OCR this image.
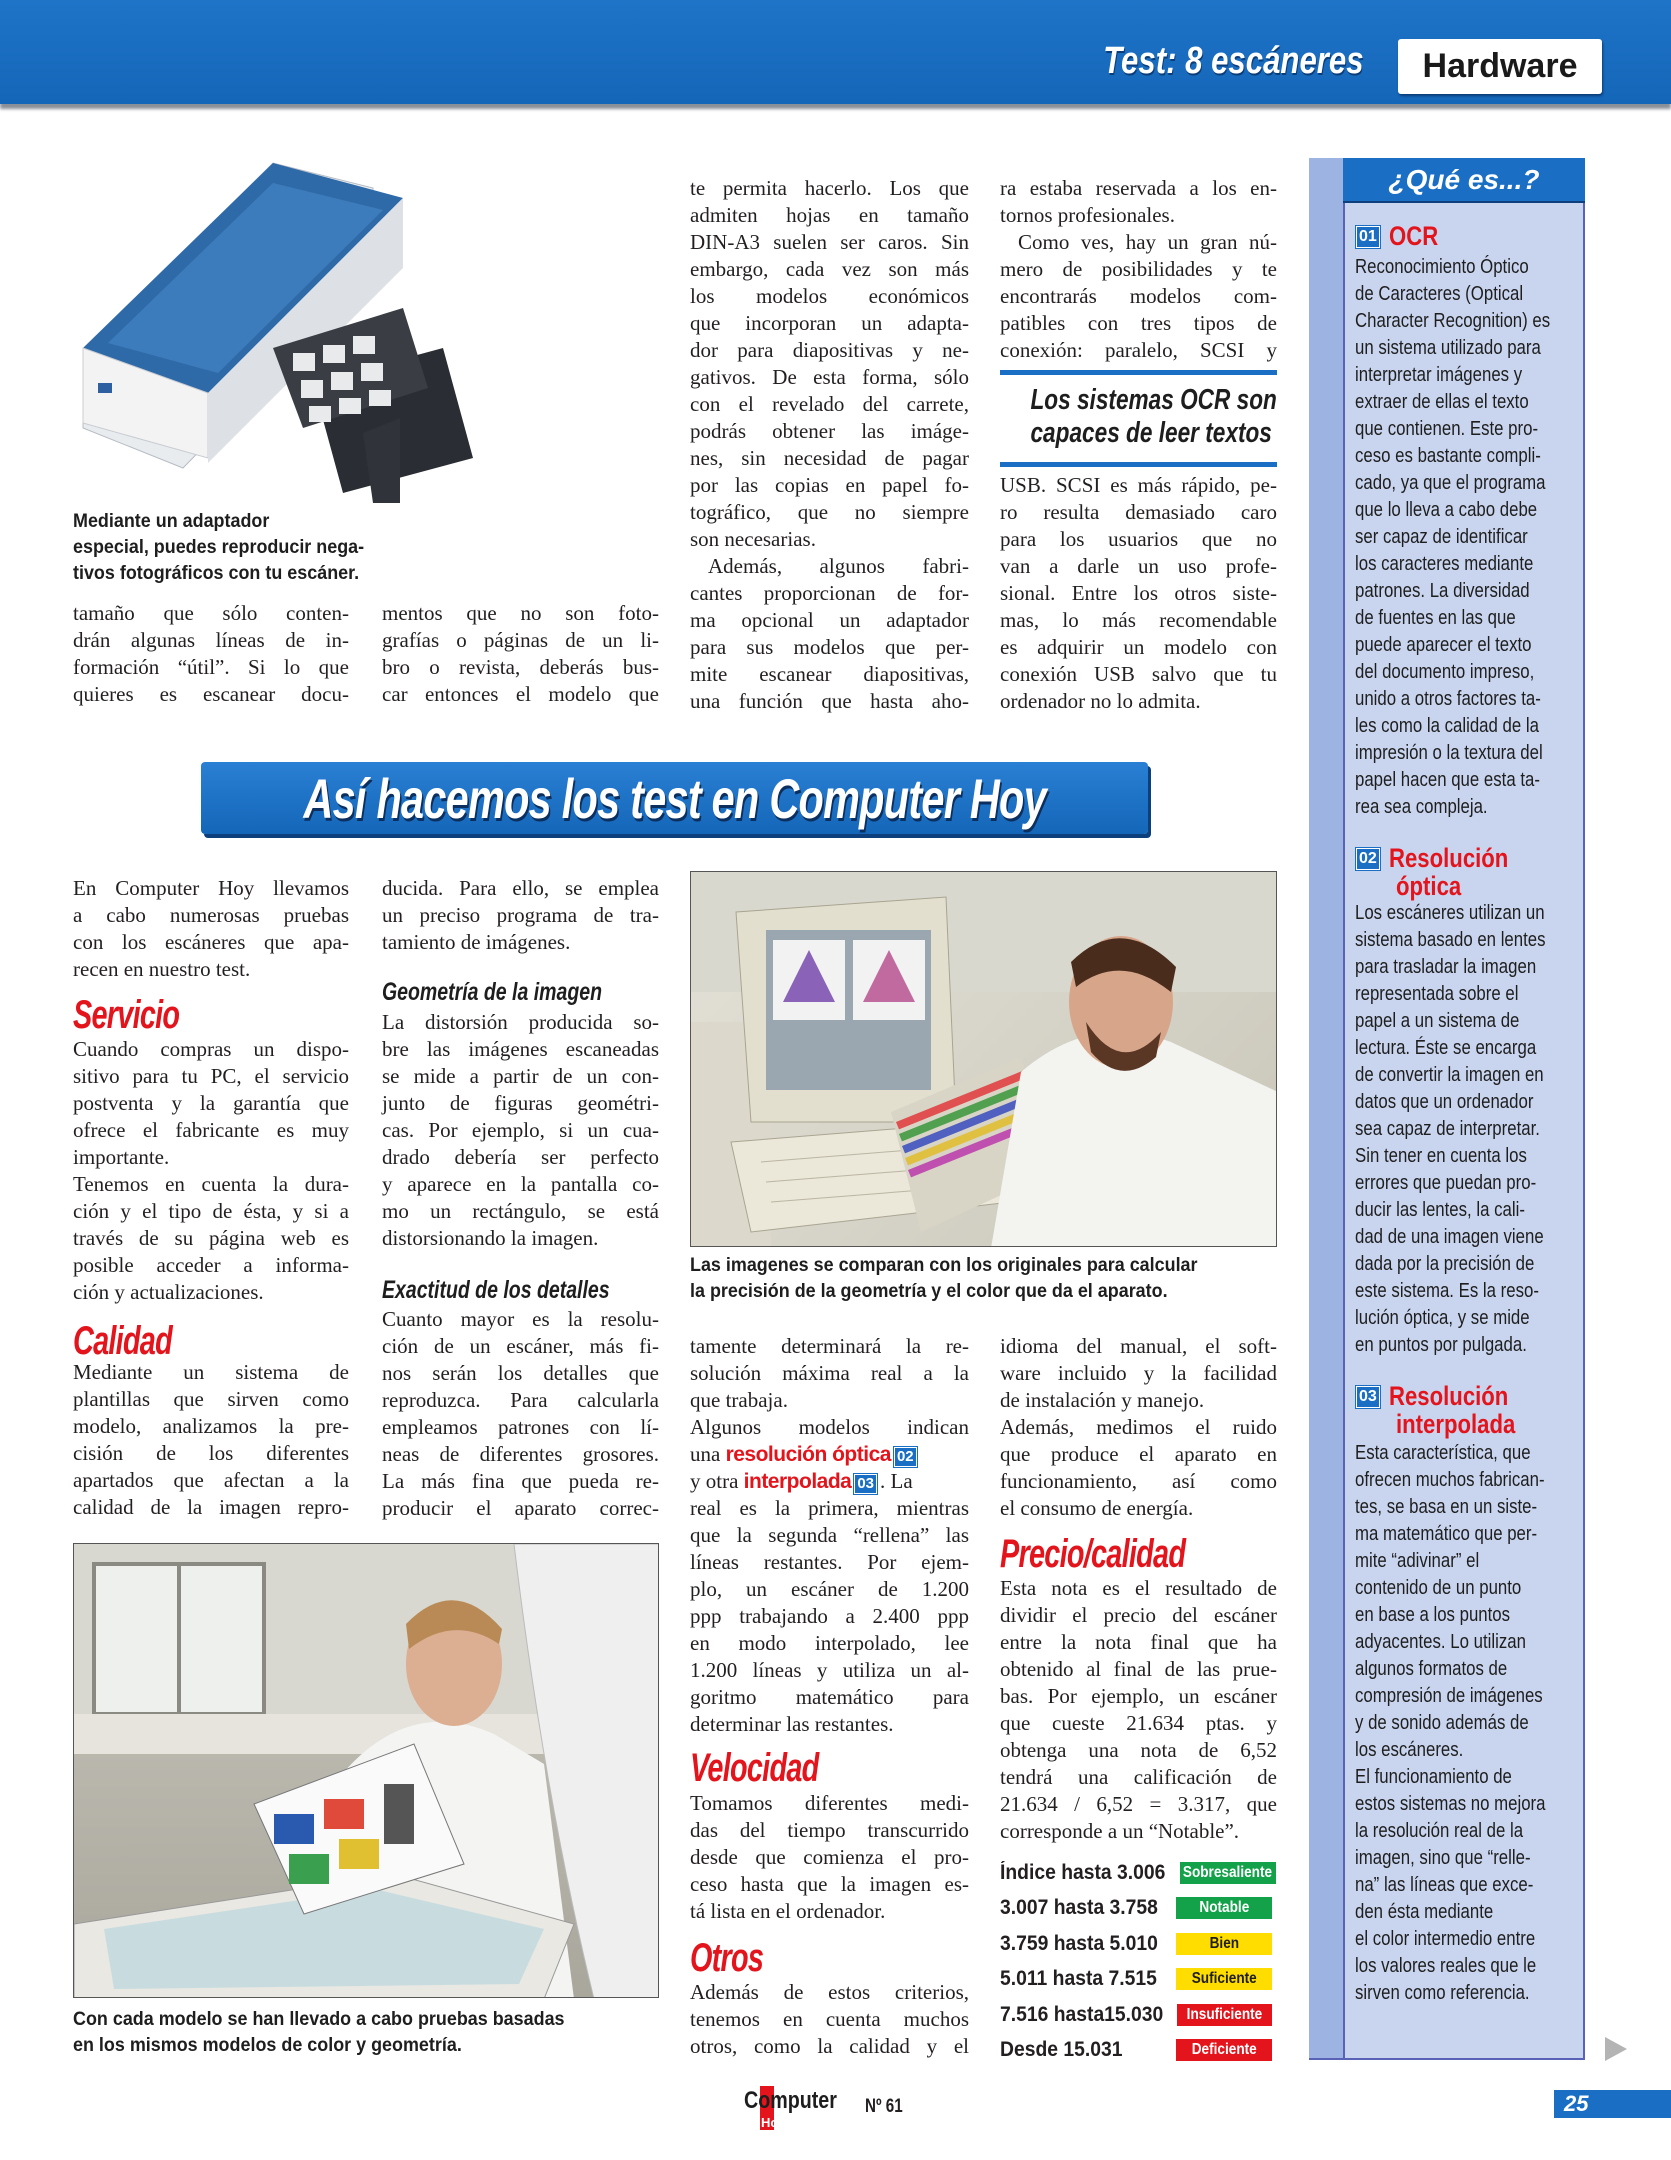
Test: 8 escáneres	Hardware
Mediante un adaptador
especial, puedes reproducir nega-
tivos fotográficos con tu escáner.
tamaño que sólo conten-
drán algunas líneas de in-
formación “útil”. Si lo que
quieres es escanear docu-
mentos que no son foto-
grafías o páginas de un li-
bro o revista, deberás bus-
car entonces el modelo que
te permita hacerlo. Los que
admiten hojas en tamaño
DIN-A3 suelen ser caros. Sin
embargo, cada vez son más
los modelos económicos
que incorporan un adapta-
dor para diapositivas y ne-
gativos. De esta forma, sólo
con el revelado del carrete,
podrás obtener las imáge-
nes, sin necesidad de pagar
por las copias en papel fo-
tográfico, que no siempre
son necesarias.
Además, algunos fabri-
cantes proporcionan de for-
ma opcional un adaptador
para sus modelos que per-
mite escanear diapositivas,
una función que hasta aho-
ra estaba reservada a los en-
tornos profesionales.
Como ves, hay un gran nú-
mero de posibilidades y te
encontrarás modelos com-
patibles con tres tipos de
conexión: paralelo, SCSI y
Los sistemas OCR son
capaces de leer textos
USB. SCSI es más rápido, pe-
ro resulta demasiado caro
para los usuarios que no
van a darle un uso profe-
sional. Entre los otros siste-
mas, lo más recomendable
es adquirir un modelo con
conexión USB salvo que tu
ordenador no lo admita.
Así hacemos los test en Computer Hoy
En Computer Hoy llevamos
a cabo numerosas pruebas
con los escáneres que apa-
recen en nuestro test.
Servicio
Cuando compras un dispo-
sitivo para tu PC, el servicio
postventa y la garantía que
ofrece el fabricante es muy
importante.
Tenemos en cuenta la dura-
ción y el tipo de ésta, y si a
través de su página web es
posible acceder a informa-
ción y actualizaciones.
Calidad
Mediante un sistema de
plantillas que sirven como
modelo, analizamos la pre-
cisión de los diferentes
apartados que afectan a la
calidad de la imagen repro-
ducida. Para ello, se emplea
un preciso programa de tra-
tamiento de imágenes.
Geometría de la imagen
La distorsión producida so-
bre las imágenes escaneadas
se mide a partir de un con-
junto de figuras geométri-
cas. Por ejemplo, si un cua-
drado debería ser perfecto
y aparece en la pantalla co-
mo un rectángulo, se está
distorsionando la imagen.
Exactitud de los detalles
Cuanto mayor es la resolu-
ción de un escáner, más fi-
nos serán los detalles que
reproduzca. Para calcularla
empleamos patrones con lí-
neas de diferentes grosores.
La más fina que pueda re-
producir el aparato correc-
Las imagenes se comparan con los originales para calcular
la precisión de la geometría y el color que da el aparato.
tamente determinará la re-
solución máxima real a la
que trabaja.
Algunos modelos indican
una resolución óptica 02
y otra interpolada 03 . La
real es la primera, mientras
que la segunda “rellena” las
líneas restantes. Por ejem-
plo, un escáner de 1.200
ppp trabajando a 2.400 ppp
en modo interpolado, lee
1.200 líneas y utiliza un al-
goritmo matemático para
determinar las restantes.
Velocidad
Tomamos diferentes medi-
das del tiempo transcurrido
desde que comienza el pro-
ceso hasta que la imagen es-
tá lista en el ordenador.
Otros
Además de estos criterios,
tenemos en cuenta muchos
otros, como la calidad y el
idioma del manual, el soft-
ware incluido y la facilidad
de instalación y manejo.
Además, medimos el ruido
que produce el aparato en
funcionamiento, así como
el consumo de energía.
Precio/calidad
Esta nota es el resultado de
dividir el precio del escáner
entre la nota final que ha
obtenido al final de las prue-
bas. Por ejemplo, un escáner
que cueste 21.634 ptas. y
obtenga una nota de 6,52
tendrá una calificación de
21.634 / 6,52 = 3.317, que
corresponde a un “Notable”.
Con cada modelo se han llevado a cabo pruebas basadas
en los mismos modelos de color y geometría.
¿Qué es...?
Computer
Hoy
Nº 61	25
Índice hasta 3.006 Sobresaliente
3.007 hasta 3.758	Notable
3.759 hasta 5.010	Bien
5.011 hasta 7.515 Suficiente
7.516 hasta15.030 Insuficiente
Desde 15.031	Deficiente
01 OCR
Reconocimiento Óptico
de Caracteres (Optical
Character Recognition) es
un sistema utilizado para
interpretar imágenes y
extraer de ellas el texto
que contienen. Este pro-
ceso es bastante compli-
cado, ya que el programa
que lo lleva a cabo debe
ser capaz de identificar
los caracteres mediante
patrones. La diversidad
de fuentes en las que
puede aparecer el texto
del documento impreso,
unido a otros factores ta-
les como la calidad de la
impresión o la textura del
papel hacen que esta ta-
rea sea compleja.
02 Resolución
óptica
Los escáneres utilizan un
sistema basado en lentes
para trasladar la imagen
representada sobre el
papel a un sistema de
lectura. Éste se encarga
de convertir la imagen en
datos que un ordenador
sea capaz de interpretar.
Sin tener en cuenta los
errores que puedan pro-
ducir las lentes, la cali-
dad de una imagen viene
dada por la precisión de
este sistema. Es la reso-
lución óptica, y se mide
en puntos por pulgada.
03 Resolución
interpolada
Esta característica, que
ofrecen muchos fabrican-
tes, se basa en un siste-
ma matemático que per-
mite “adivinar” el
contenido de un punto
en base a los puntos
adyacentes. Lo utilizan
algunos formatos de
compresión de imágenes
y de sonido además de
los escáneres.
El funcionamiento de
estos sistemas no mejora
la resolución real de la
imagen, sino que “relle-
na” las líneas que exce-
den ésta mediante
el color intermedio entre
los valores reales que le
sirven como referencia.
